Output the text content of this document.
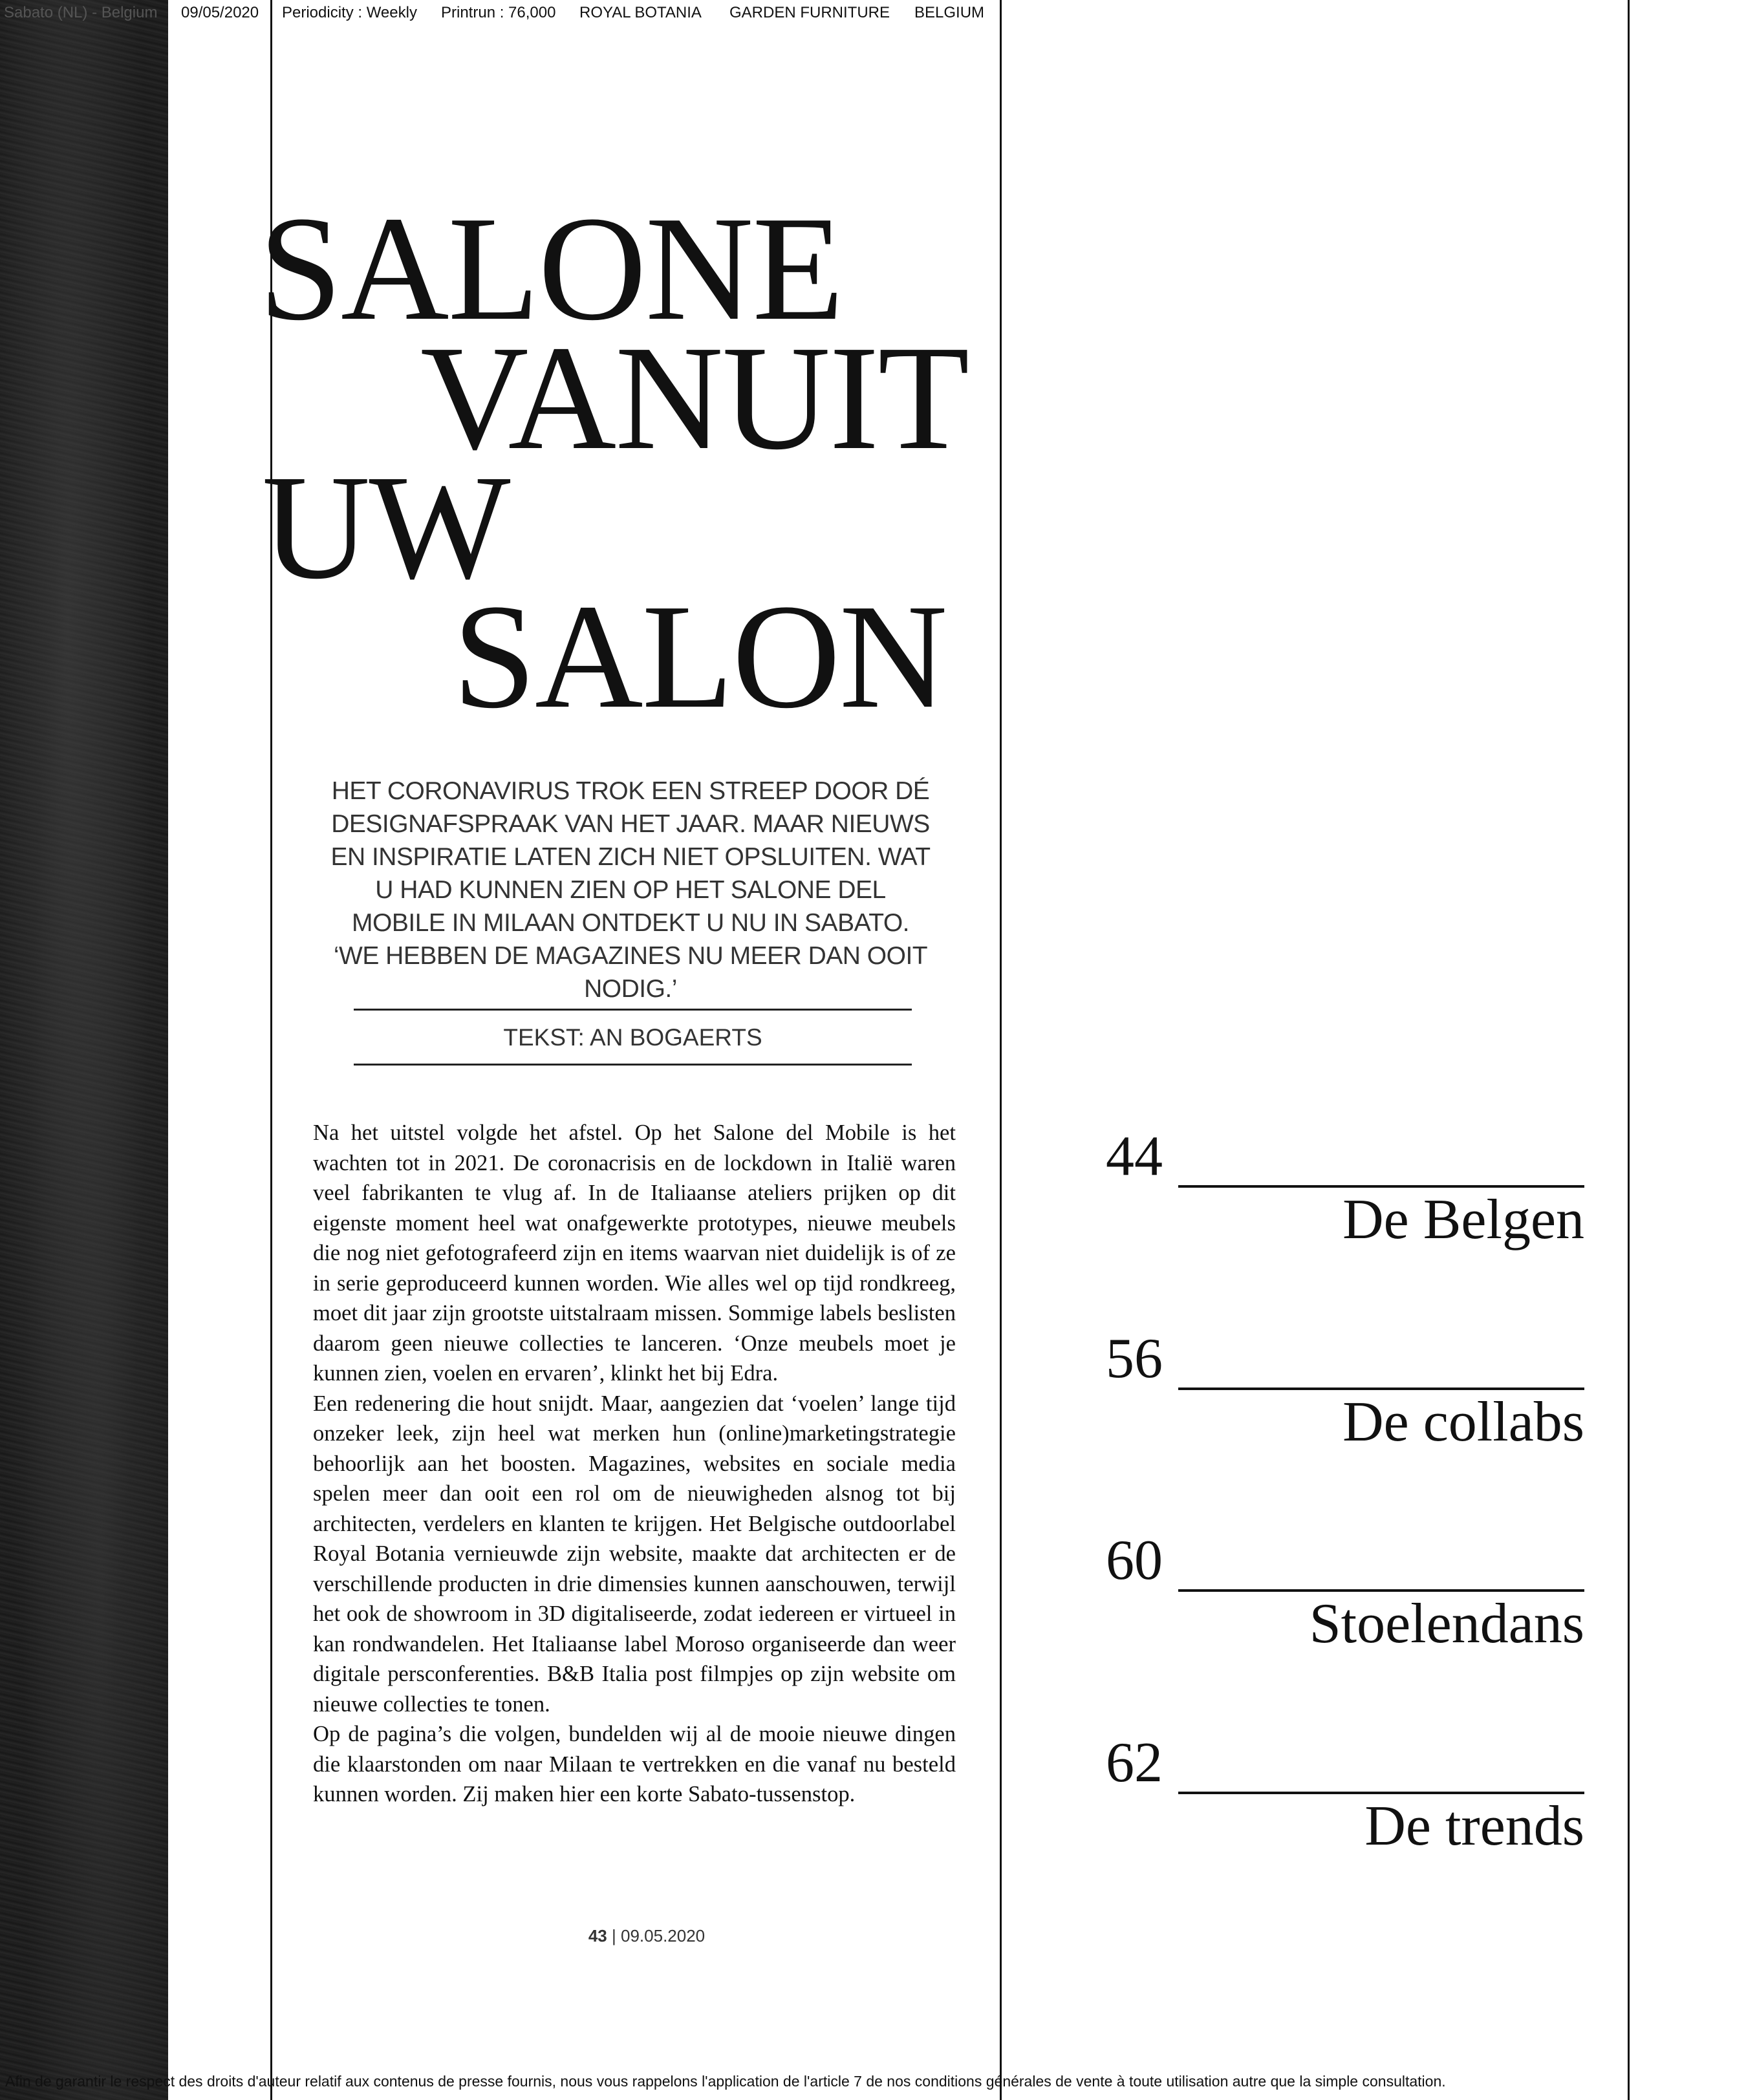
Sabato (NL) - Belgium 09/05/2020 Periodicity : Weekly Printrun : 76,000 ROYAL BOTANIA GARDEN FURNITURE BELGIUM
SALONE
VANUIT
UW
SALON
HET CORONAVIRUS TROK EEN STREEP DOOR DÉ DESIGNAFSPRAAK VAN HET JAAR. MAAR NIEUWS EN INSPIRATIE LATEN ZICH NIET OPSLUITEN. WAT U HAD KUNNEN ZIEN OP HET SALONE DEL MOBILE IN MILAAN ONTDEKT U NU IN SABATO. ‘WE HEBBEN DE MAGAZINES NU MEER DAN OOIT NODIG.’
TEKST: AN BOGAERTS

Na het uitstel volgde het afstel. Op het Salone del Mobile is het wachten tot in 2021. De coronacrisis en de lockdown in Italië waren veel fabrikanten te vlug af. In de Italiaanse ateliers prijken op dit eigenste moment heel wat onafgewerkte prototypes, nieuwe meubels die nog niet gefotografeerd zijn en items waarvan niet duidelijk is of ze in serie geproduceerd kunnen worden. Wie alles wel op tijd rondkreeg, moet dit jaar zijn grootste uitstalraam missen. Sommige labels beslisten daarom geen nieuwe collecties te lanceren. ‘Onze meubels moet je kunnen zien, voelen en ervaren’, klinkt het bij Edra.

Een redenering die hout snijdt. Maar, aangezien dat ‘voelen’ lange tijd onzeker leek, zijn heel wat merken hun (online)marketingstrategie behoorlijk aan het boosten. Magazines, websites en sociale media spelen meer dan ooit een rol om de nieuwigheden alsnog tot bij architecten, verdelers en klanten te krijgen. Het Belgische outdoorlabel Royal Botania vernieuwde zijn website, maakte dat architecten er de verschillende producten in drie dimensies kunnen aanschouwen, terwijl het ook de showroom in 3D digitaliseerde, zodat iedereen er virtueel in kan rondwandelen. Het Italiaanse label Moroso organiseerde dan weer digitale persconferenties. B&B Italia post filmpjes op zijn website om nieuwe collecties te tonen.

Op de pagina’s die volgen, bundelden wij al de mooie nieuwe dingen die klaarstonden om naar Milaan te vertrekken en die vanaf nu besteld kunnen worden. Zij maken hier een korte Sabato-tussenstop.

44
De Belgen
56
De collabs
60
Stoelendans
62
De trends
43 | 09.05.2020
Afin de garantir le respect des droits d'auteur relatif aux contenus de presse fournis, nous vous rappelons l'application de l'article 7 de nos conditions générales de vente à toute utilisation autre que la simple consultation.
